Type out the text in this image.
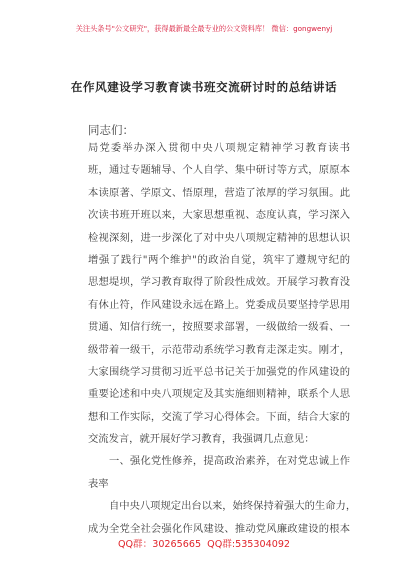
关注头条号"公文研究"，获得最新最全最专业的公文资料库！ 微信：gongwenyj
在作风建设学习教育读书班交流研讨时的总结讲话
同志们：
局党委举办深入贯彻中央八项规定精神学习教育读书
班，通过专题辅导、个人自学、集中研讨等方式，原原本
本读原著、学原文、悟原理，营造了浓厚的学习氛围。此
次读书班开班以来，大家思想重视、态度认真，学习深入
检视深刻，进一步深化了对中央八项规定精神的思想认识
增强了践行"两个维护"的政治自觉，筑牢了遵规守纪的
思想堤坝，学习教育取得了阶段性成效。开展学习教育没
有休止符，作风建设永远在路上。党委成员要坚持学思用
贯通、知信行统一，按照要求部署，一级做给一级看、一
级带着一级干，示范带动系统学习教育走深走实。刚才，
大家围绕学习贯彻习近平总书记关于加强党的作风建设的
重要论述和中央八项规定及其实施细则精神，联系个人思
想和工作实际，交流了学习心得体会。下面，结合大家的
交流发言，就开展好学习教育，我强调几点意见：
一、强化党性修养，提高政治素养，在对党忠诚上作
表率
自中央八项规定出台以来，始终保持着强大的生命力，
成为全党全社会强化作风建设、推动党风廉政建设的根本
QQ群：30265665 QQ群:535304092
